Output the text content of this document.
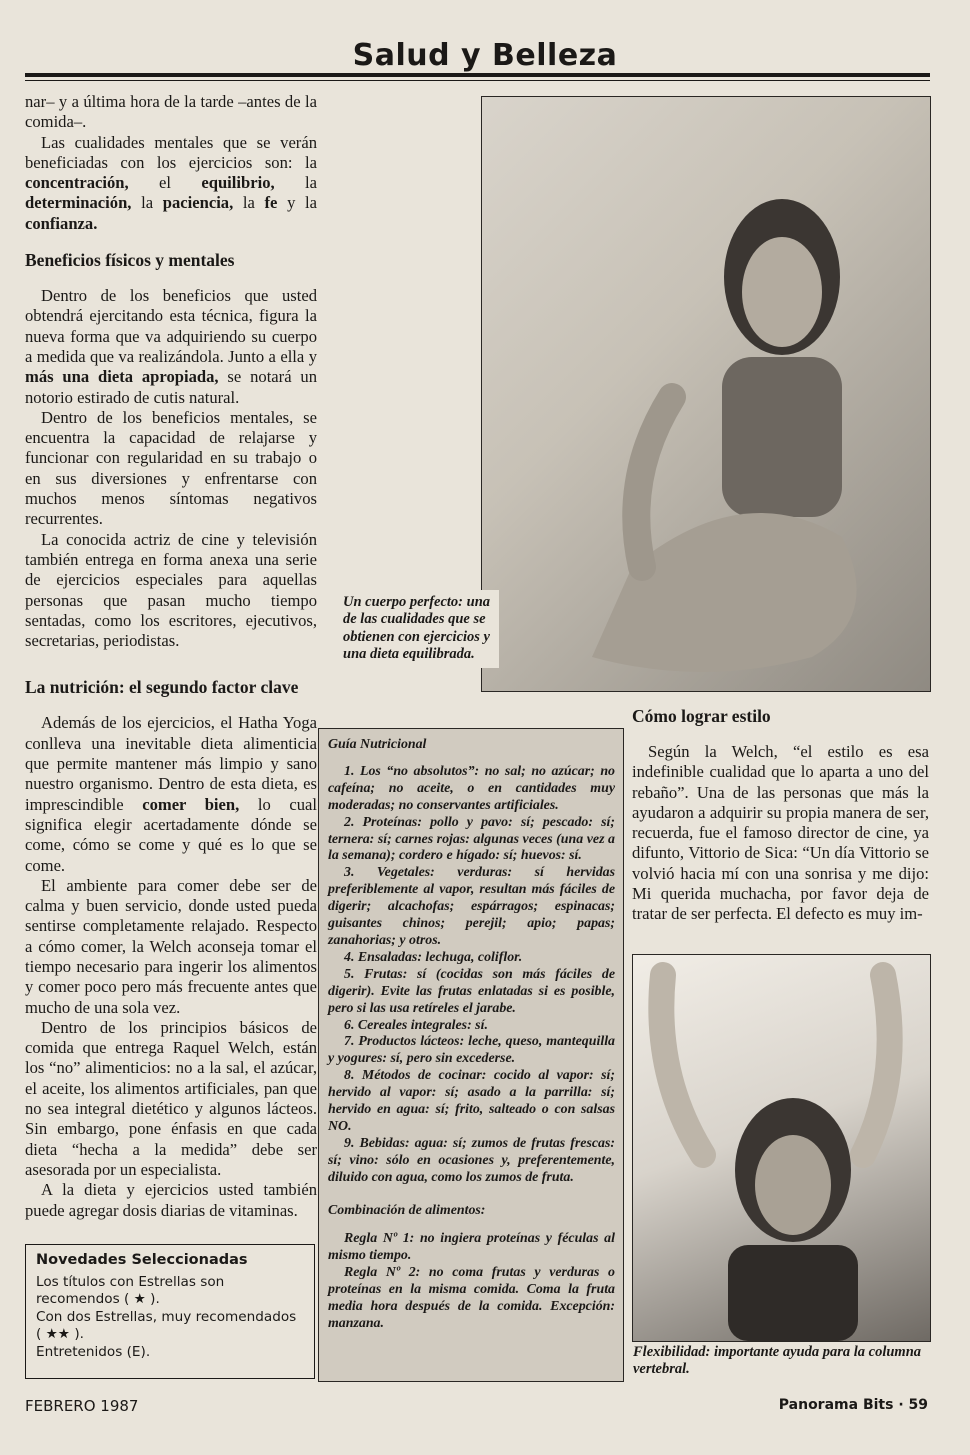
Salud y Belleza

nar– y a última hora de la tarde –antes de la comida–.

Las cualidades mentales que se verán beneficiadas con los ejercicios son: la concentración, el equilibrio, la determinación, la paciencia, la fe y la confianza.

Beneficios físicos y mentales

Dentro de los beneficios que usted obtendrá ejercitando esta técnica, figura la nueva forma que va adquiriendo su cuerpo a medida que va realizándola. Junto a ella y más una dieta apropiada, se notará un notorio estirado de cutis natural.

Dentro de los beneficios mentales, se encuentra la capacidad de relajarse y funcionar con regularidad en su trabajo o en sus diversiones y enfrentarse con muchos menos síntomas negativos recurrentes.

La conocida actriz de cine y televisión también entrega en forma anexa una serie de ejercicios especiales para aquellas personas que pasan mucho tiempo sentadas, como los escritores, ejecutivos, secretarias, periodistas.

La nutrición: el segundo factor clave

Además de los ejercicios, el Hatha Yoga conlleva una inevitable dieta alimenticia que permite mantener más limpio y sano nuestro organismo. Dentro de esta dieta, es imprescindible comer bien, lo cual significa elegir acertadamente dónde se come, cómo se come y qué es lo que se come.

El ambiente para comer debe ser de calma y buen servicio, donde usted pueda sentirse completamente relajado. Respecto a cómo comer, la Welch aconseja tomar el tiempo necesario para ingerir los alimentos y comer poco pero más frecuente antes que mucho de una sola vez.

Dentro de los principios básicos de comida que entrega Raquel Welch, están los “no” alimenticios: no a la sal, el azúcar, el aceite, los alimentos artificiales, pan que no sea integral dietético y algunos lácteos. Sin embargo, pone énfasis en que cada dieta “hecha a la medida” debe ser asesorada por un especialista.

A la dieta y ejercicios usted también puede agregar dosis diarias de vitaminas.

Novedades Seleccionadas
Los títulos con Estrellas son recomendos ( ★ ).
Con dos Estrellas, muy recomendados ( ★★ ).
Entretenidos (E).
Un cuerpo perfecto: una de las cualidades que se obtienen con ejercicios y una dieta equilibrada.
Flexibilidad: importante ayuda para la columna vertebral.

Guía Nutricional

1. Los “no absolutos”: no sal; no azúcar; no cafeína; no aceite, o en cantidades muy moderadas; no conservantes artificiales.

2. Proteínas: pollo y pavo: sí; pescado: sí; ternera: sí; carnes rojas: algunas veces (una vez a la semana); cordero e hígado: sí; huevos: sí.

3. Vegetales: verduras: sí hervidas preferiblemente al vapor, resultan más fáciles de digerir; alcachofas; espárragos; espinacas; guisantes chinos; perejil; apio; papas; zanahorias; y otros.

4. Ensaladas: lechuga, coliflor.

5. Frutas: sí (cocidas son más fáciles de digerir). Evite las frutas enlatadas si es posible, pero si las usa retíreles el jarabe.

6. Cereales integrales: sí.

7. Productos lácteos: leche, queso, mantequilla y yogures: sí, pero sin excederse.

8. Métodos de cocinar: cocido al vapor: sí; hervido al vapor: sí; asado a la parrilla: sí; hervido en agua: sí; frito, salteado o con salsas NO.

9. Bebidas: agua: sí; zumos de frutas frescas: sí; vino: sólo en ocasiones y, preferentemente, diluido con agua, como los zumos de fruta.

Combinación de alimentos:

Regla Nº 1: no ingiera proteínas y féculas al mismo tiempo.

Regla Nº 2: no coma frutas y verduras o proteínas en la misma comida. Coma la fruta media hora después de la comida. Excepción: manzana.

Cómo lograr estilo

Según la Welch, “el estilo es esa indefinible cualidad que lo aparta a uno del rebaño”. Una de las personas que más la ayudaron a adquirir su propia manera de ser, recuerda, fue el famoso director de cine, ya difunto, Vittorio de Sica: “Un día Vittorio se volvió hacia mí con una sonrisa y me dijo: Mi querida muchacha, por favor deja de tratar de ser perfecta. El defecto es muy im-

FEBRERO 1987	Panorama Bits · 59
